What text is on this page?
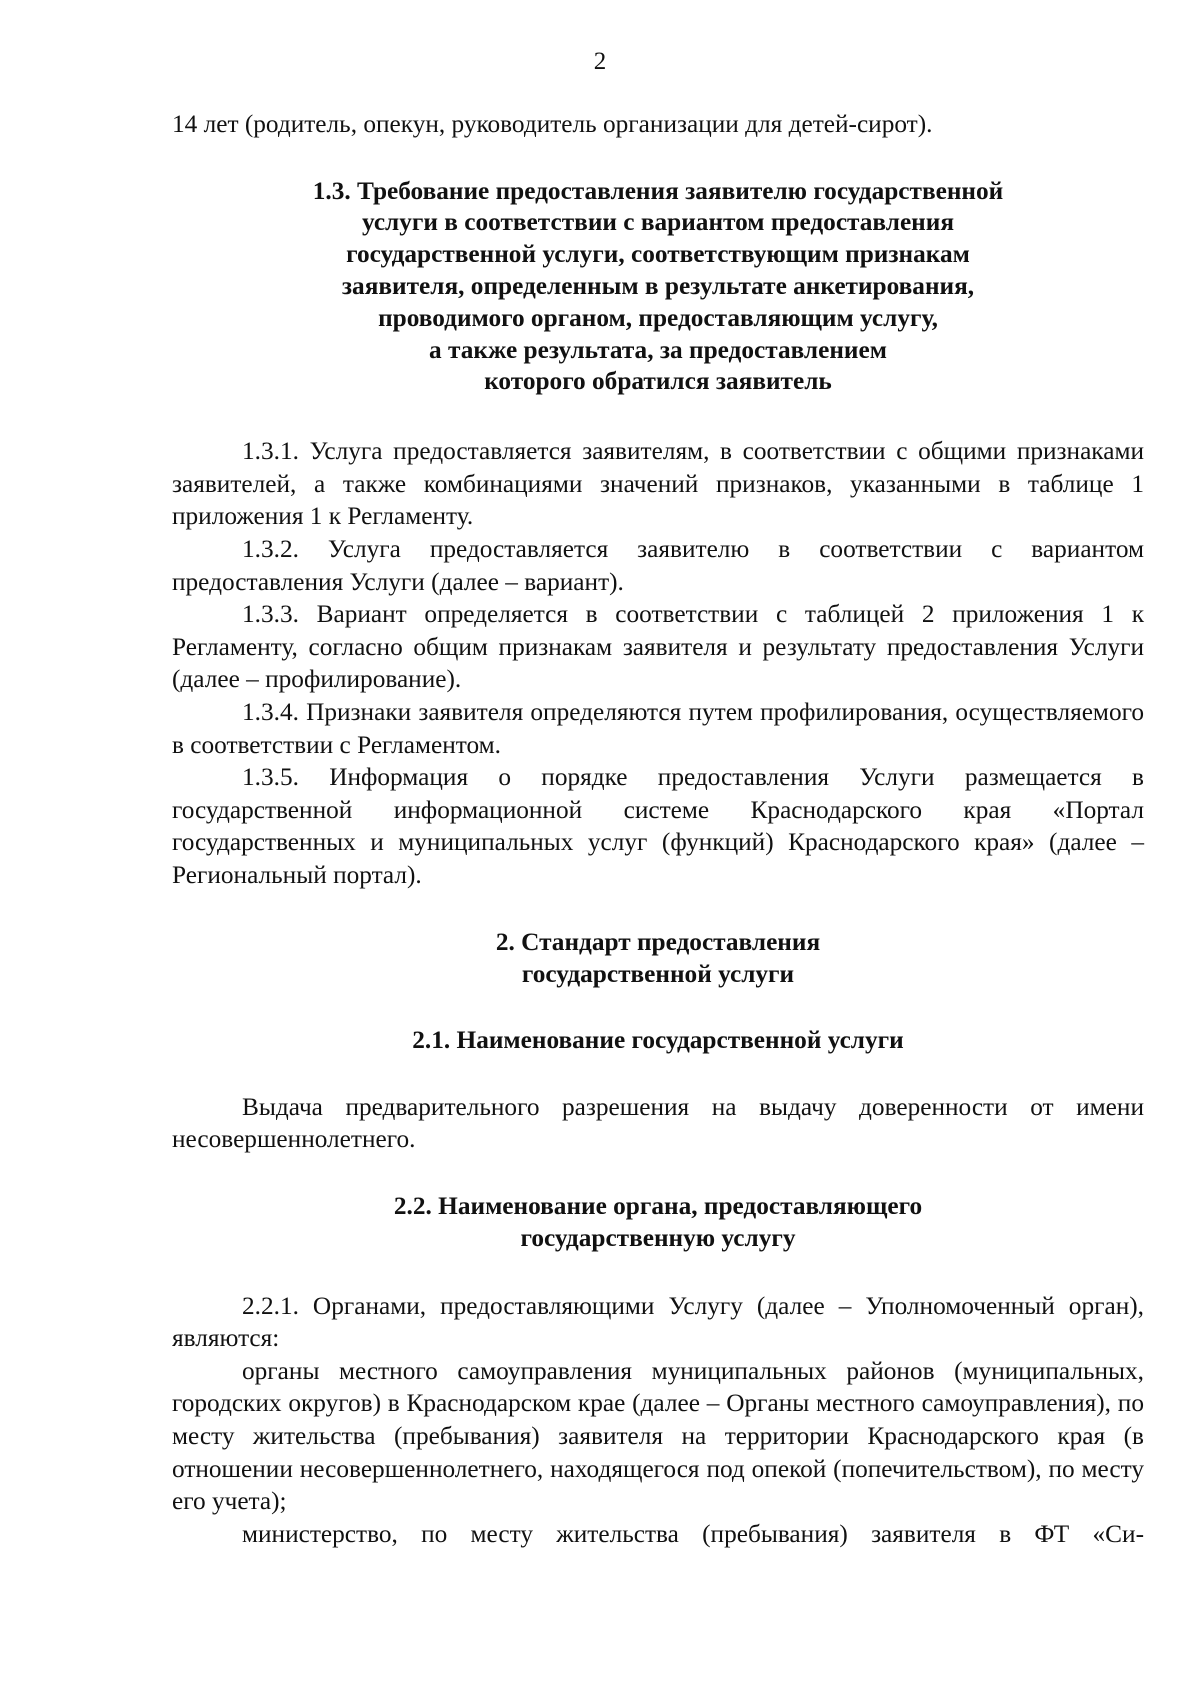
2

14 лет (родитель, опекун, руководитель организации для детей-сирот).

1.3. Требование предоставления заявителю государственной

услуги в соответствии с вариантом предоставления

государственной услуги, соответствующим признакам

заявителя, определенным в результате анкетирования,

проводимого органом, предоставляющим услугу,

а также результата, за предоставлением

которого обратился заявитель

1.3.1. Услуга предоставляется заявителям, в соответствии с общими признаками заявителей, а также комбинациями значений признаков, указанными в таблице 1 приложения 1 к Регламенту.

1.3.2. Услуга предоставляется заявителю в соответствии с вариантом предоставления Услуги (далее – вариант).

1.3.3. Вариант определяется в соответствии с таблицей 2 приложения 1 к Регламенту, согласно общим признакам заявителя и результату предоставления Услуги (далее – профилирование).

1.3.4. Признаки заявителя определяются путем профилирования, осуществляемого в соответствии с Регламентом.

1.3.5. Информация о порядке предоставления Услуги размещается в государственной информационной системе Краснодарского края «Портал государственных и муниципальных услуг (функций) Краснодарского края» (далее – Региональный портал).

2. Стандарт предоставления

государственной услуги

2.1. Наименование государственной услуги

Выдача предварительного разрешения на выдачу доверенности от имени несовершеннолетнего.

2.2. Наименование органа, предоставляющего

государственную услугу

2.2.1. Органами, предоставляющими Услугу (далее – Уполномоченный орган), являются:

органы местного самоуправления муниципальных районов (муниципальных, городских округов) в Краснодарском крае (далее – Органы местного самоуправления), по месту жительства (пребывания) заявителя на территории Краснодарского края (в отношении несовершеннолетнего, находящегося под опекой (попечительством), по месту его учета);

министерство, по месту жительства (пребывания) заявителя в ФТ «Си-
